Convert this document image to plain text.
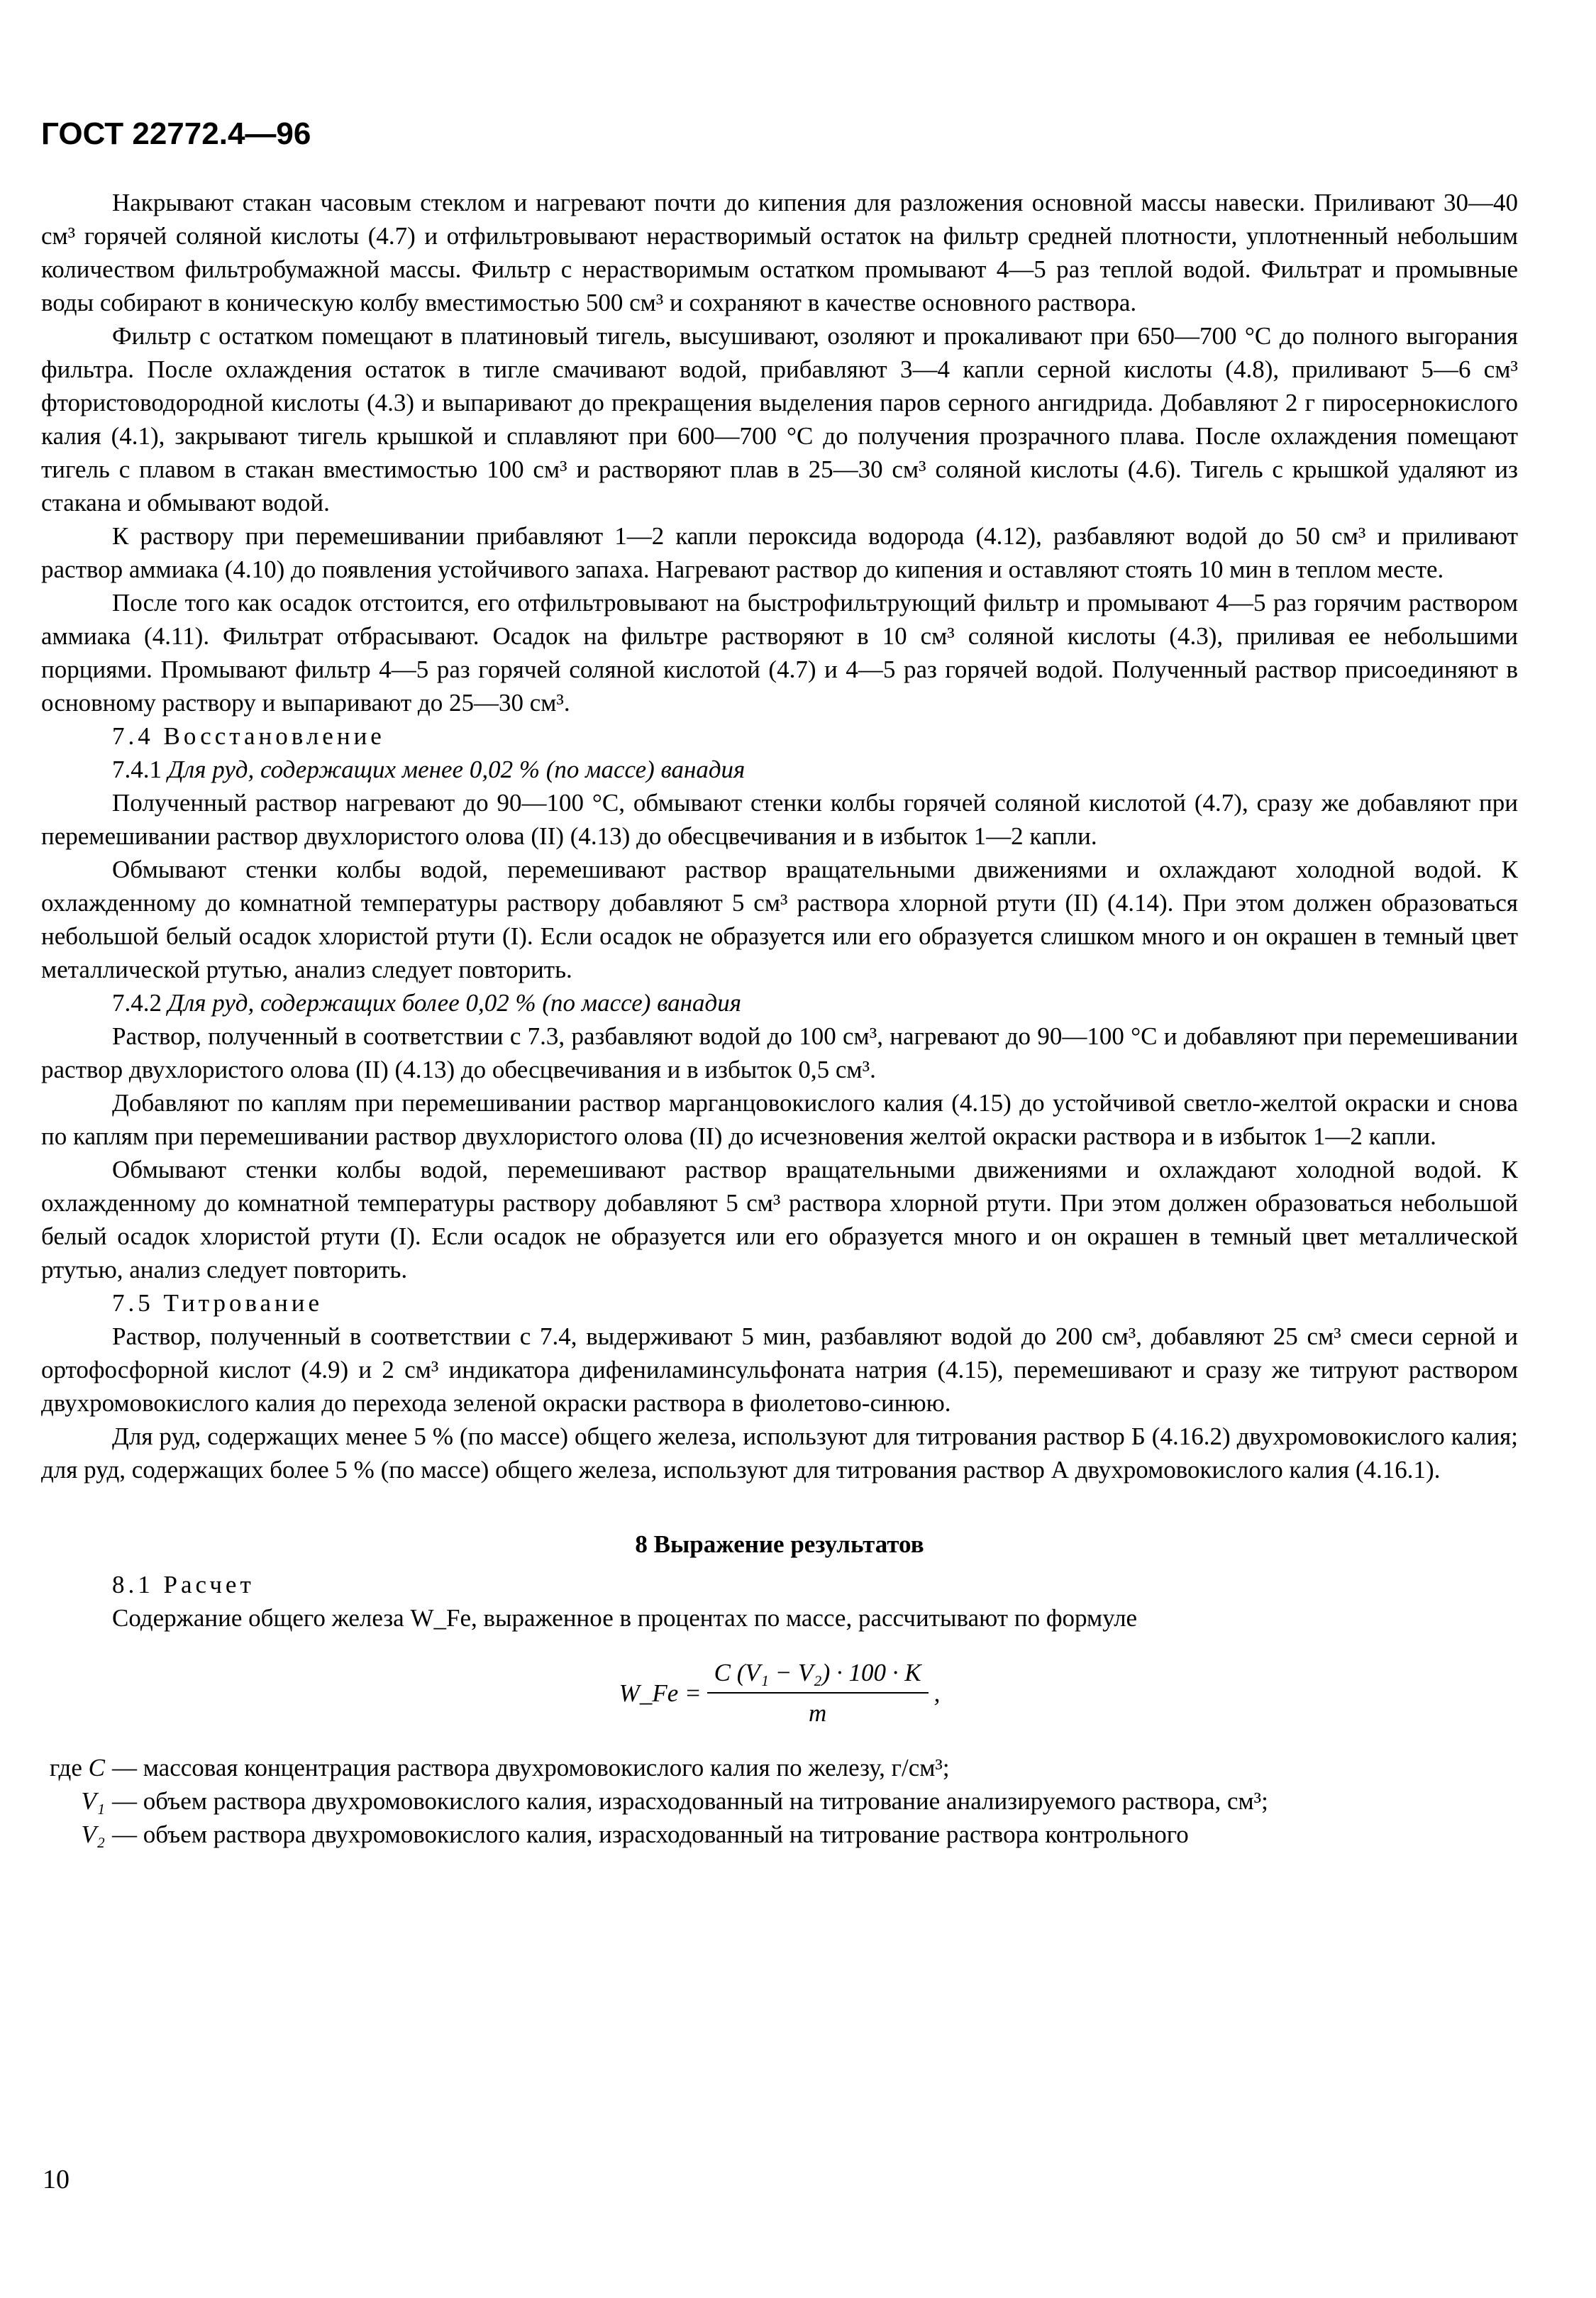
ГОСТ 22772.4—96

Накрывают стакан часовым стеклом и нагревают почти до кипения для разложения основной массы навески. Приливают 30—40 см³ горячей соляной кислоты (4.7) и отфильтровывают нерастворимый остаток на фильтр средней плотности, уплотненный небольшим количеством фильтробумажной массы. Фильтр с нерастворимым остатком промывают 4—5 раз теплой водой. Фильтрат и промывные воды собирают в коническую колбу вместимостью 500 см³ и сохраняют в качестве основного раствора.

Фильтр с остатком помещают в платиновый тигель, высушивают, озоляют и прокаливают при 650—700 °С до полного выгорания фильтра. После охлаждения остаток в тигле смачивают водой, прибавляют 3—4 капли серной кислоты (4.8), приливают 5—6 см³ фтористоводородной кислоты (4.3) и выпаривают до прекращения выделения паров серного ангидрида. Добавляют 2 г пиросернокислого калия (4.1), закрывают тигель крышкой и сплавляют при 600—700 °С до получения прозрачного плава. После охлаждения помещают тигель с плавом в стакан вместимостью 100 см³ и растворяют плав в 25—30 см³ соляной кислоты (4.6). Тигель с крышкой удаляют из стакана и обмывают водой.

К раствору при перемешивании прибавляют 1—2 капли пероксида водорода (4.12), разбавляют водой до 50 см³ и приливают раствор аммиака (4.10) до появления устойчивого запаха. Нагревают раствор до кипения и оставляют стоять 10 мин в теплом месте.

После того как осадок отстоится, его отфильтровывают на быстрофильтрующий фильтр и промывают 4—5 раз горячим раствором аммиака (4.11). Фильтрат отбрасывают. Осадок на фильтре растворяют в 10 см³ соляной кислоты (4.3), приливая ее небольшими порциями. Промывают фильтр 4—5 раз горячей соляной кислотой (4.7) и 4—5 раз горячей водой. Полученный раствор присоединяют в основному раствору и выпаривают до 25—30 см³.

7.4 Восстановление
7.4.1 Для руд, содержащих менее 0,02 % (по массе) ванадия

Полученный раствор нагревают до 90—100 °С, обмывают стенки колбы горячей соляной кислотой (4.7), сразу же добавляют при перемешивании раствор двухлористого олова (II) (4.13) до обесцвечивания и в избыток 1—2 капли.

Обмывают стенки колбы водой, перемешивают раствор вращательными движениями и охлаждают холодной водой. К охлажденному до комнатной температуры раствору добавляют 5 см³ раствора хлорной ртути (II) (4.14). При этом должен образоваться небольшой белый осадок хлористой ртути (I). Если осадок не образуется или его образуется слишком много и он окрашен в темный цвет металлической ртутью, анализ следует повторить.

7.4.2 Для руд, содержащих более 0,02 % (по массе) ванадия

Раствор, полученный в соответствии с 7.3, разбавляют водой до 100 см³, нагревают до 90—100 °С и добавляют при перемешивании раствор двухлористого олова (II) (4.13) до обесцвечивания и в избыток 0,5 см³.

Добавляют по каплям при перемешивании раствор марганцовокислого калия (4.15) до устойчивой светло-желтой окраски и снова по каплям при перемешивании раствор двухлористого олова (II) до исчезновения желтой окраски раствора и в избыток 1—2 капли.

Обмывают стенки колбы водой, перемешивают раствор вращательными движениями и охлаждают холодной водой. К охлажденному до комнатной температуры раствору добавляют 5 см³ раствора хлорной ртути. При этом должен образоваться небольшой белый осадок хлористой ртути (I). Если осадок не образуется или его образуется много и он окрашен в темный цвет металлической ртутью, анализ следует повторить.

7.5 Титрование

Раствор, полученный в соответствии с 7.4, выдерживают 5 мин, разбавляют водой до 200 см³, добавляют 25 см³ смеси серной и ортофосфорной кислот (4.9) и 2 см³ индикатора дифениламинсульфоната натрия (4.15), перемешивают и сразу же титруют раствором двухромовокислого калия до перехода зеленой окраски раствора в фиолетово-синюю.

Для руд, содержащих менее 5 % (по массе) общего железа, используют для титрования раствор Б (4.16.2) двухромовокислого калия; для руд, содержащих более 5 % (по массе) общего железа, используют для титрования раствор А двухромовокислого калия (4.16.1).

8 Выражение результатов
8.1 Расчет

Содержание общего железа W_Fe, выраженное в процентах по массе, рассчитывают по формуле

W_Fe = $\frac{\text{C (V₁ − V₂) · 100 · K}}{m}$ ,
где C — массовая концентрация раствора двухромовокислого калия по железу, г/см³;
V₁ — объем раствора двухромовокислого калия, израсходованный на титрование анализируемого раствора, см³;
V₂ — объем раствора двухромовокислого калия, израсходованный на титрование раствора контрольного
10
